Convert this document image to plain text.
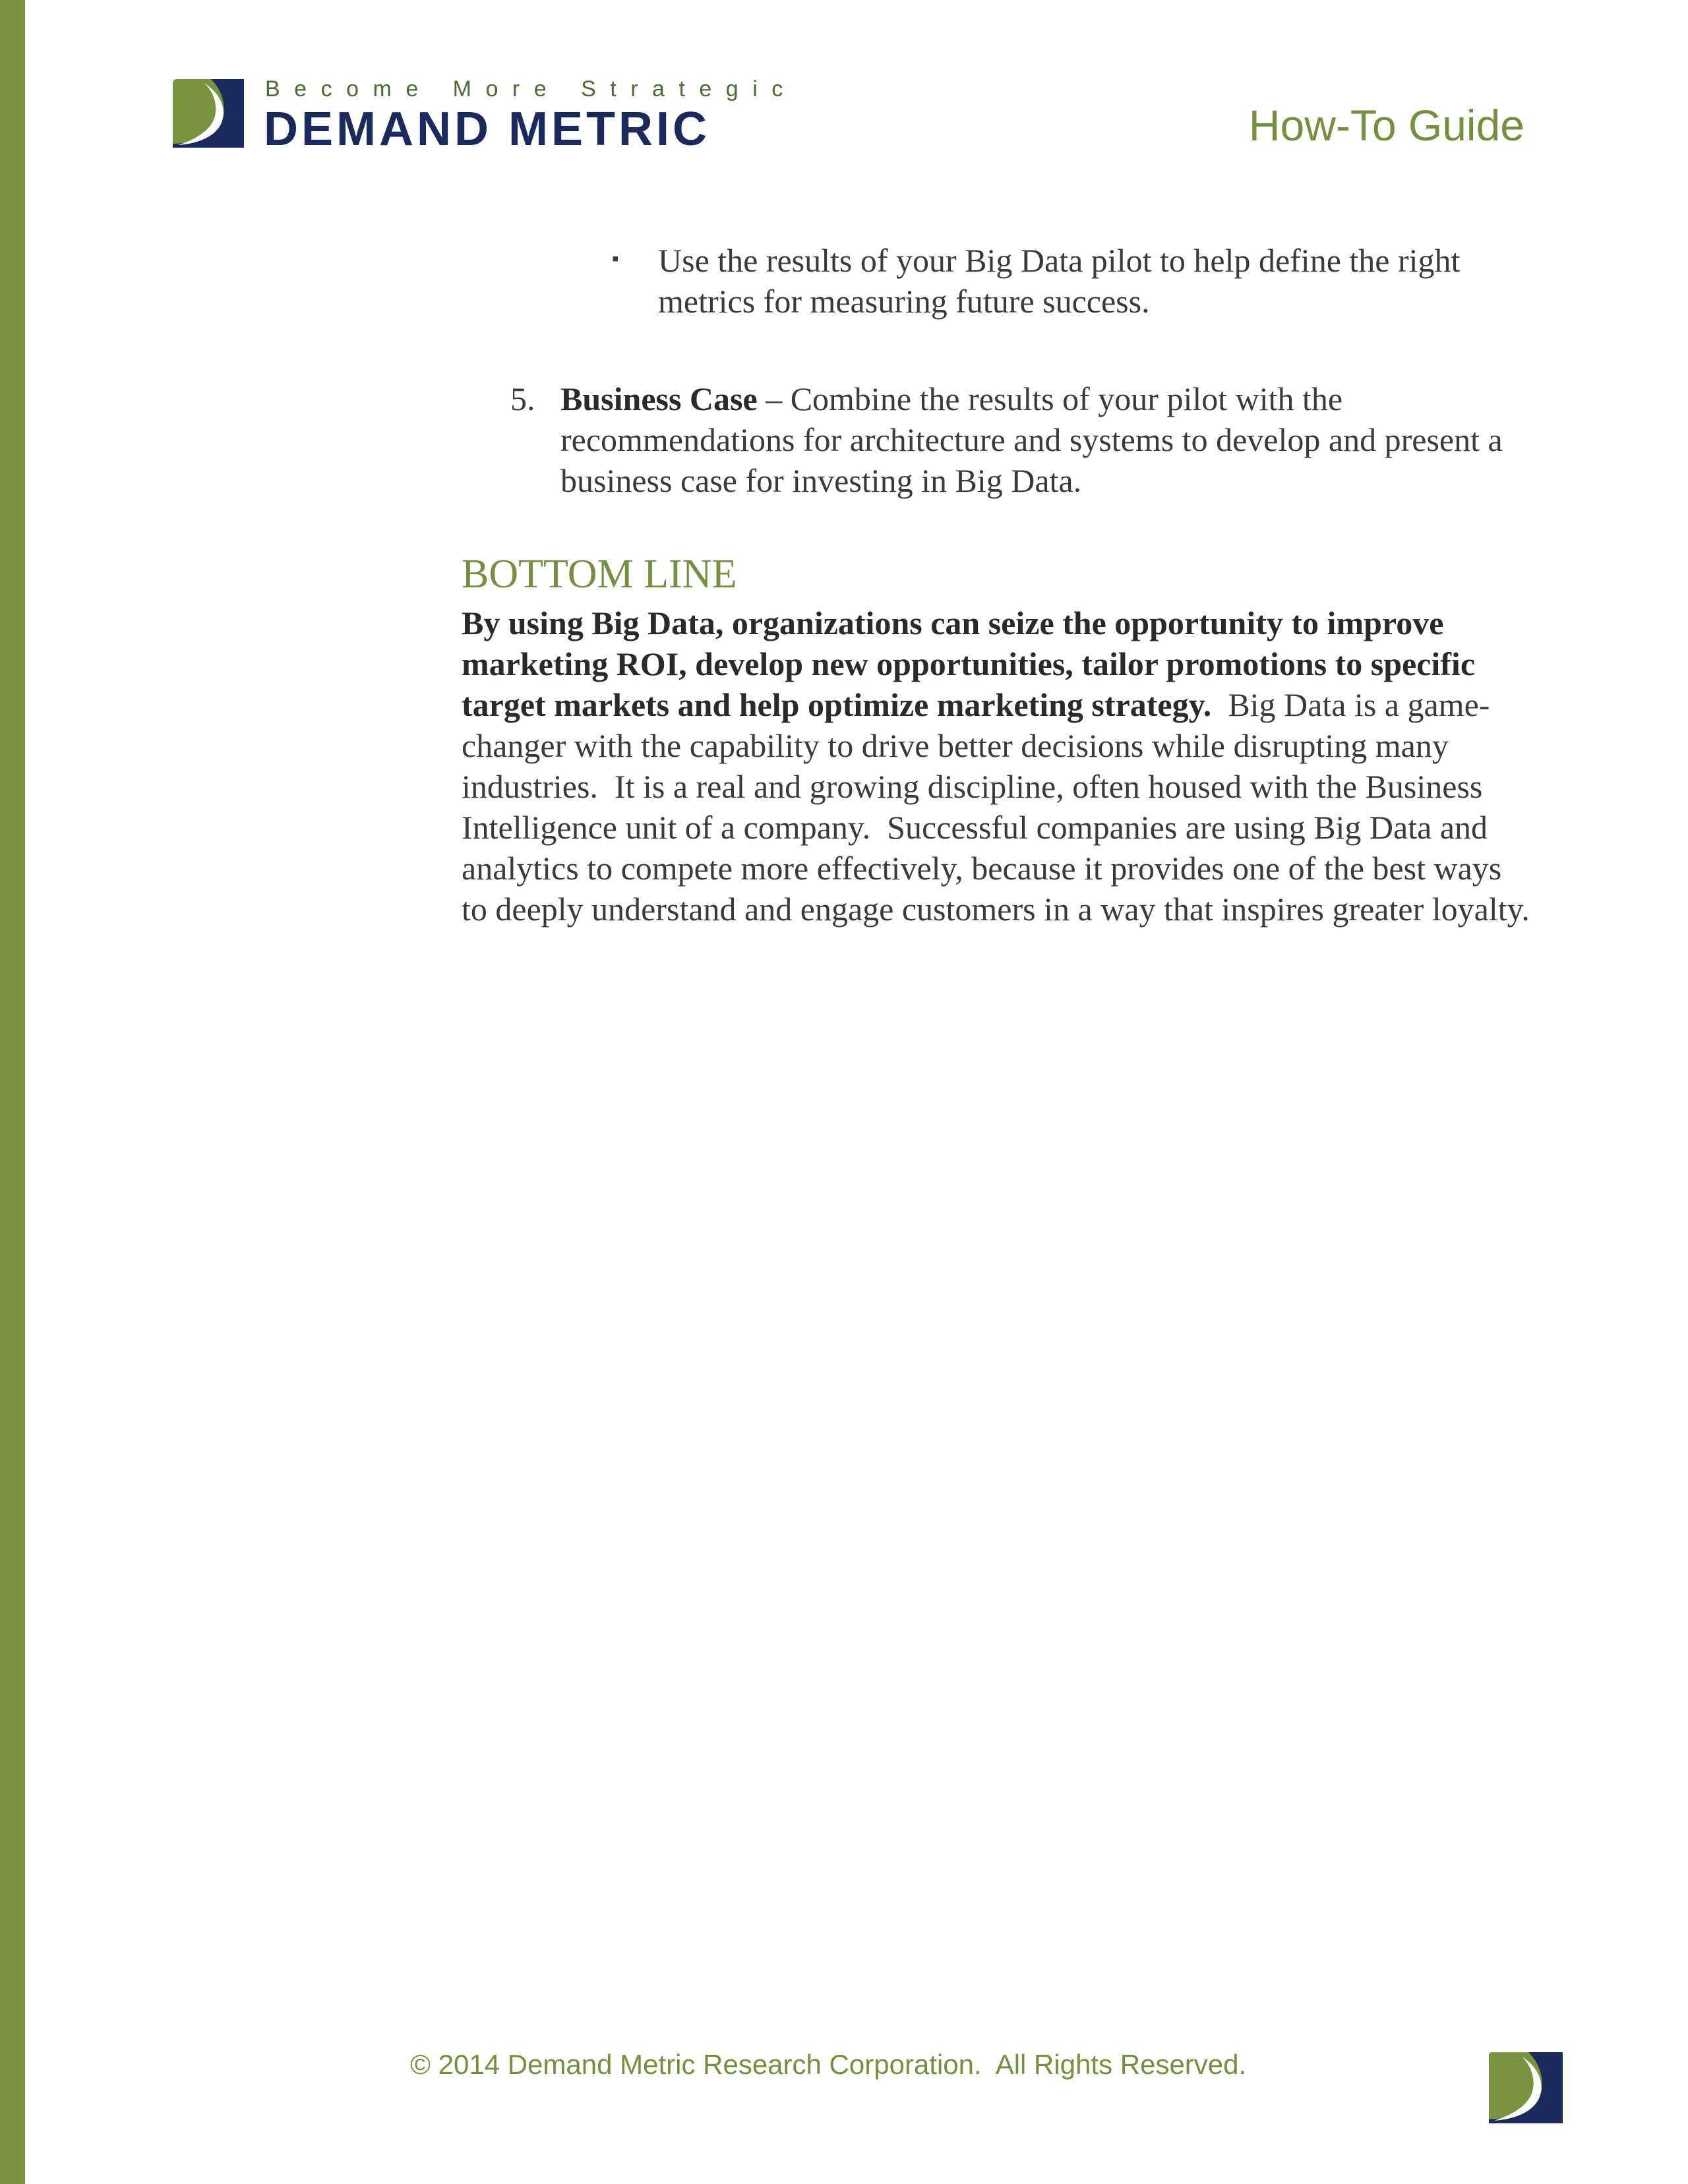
Become More Strategic
DEMAND METRIC	How-To Guide
▪ Use the results of your Big Data pilot to help define the right metrics for measuring future success.
5. Business Case – Combine the results of your pilot with the recommendations for architecture and systems to develop and present a business case for investing in Big Data.
BOTTOM LINE
By using Big Data, organizations can seize the opportunity to improve marketing ROI, develop new opportunities, tailor promotions to specific target markets and help optimize marketing strategy.  Big Data is a game-changer with the capability to drive better decisions while disrupting many industries.  It is a real and growing discipline, often housed with the Business Intelligence unit of a company.  Successful companies are using Big Data and analytics to compete more effectively, because it provides one of the best ways to deeply understand and engage customers in a way that inspires greater loyalty.
© 2014 Demand Metric Research Corporation.  All Rights Reserved.
